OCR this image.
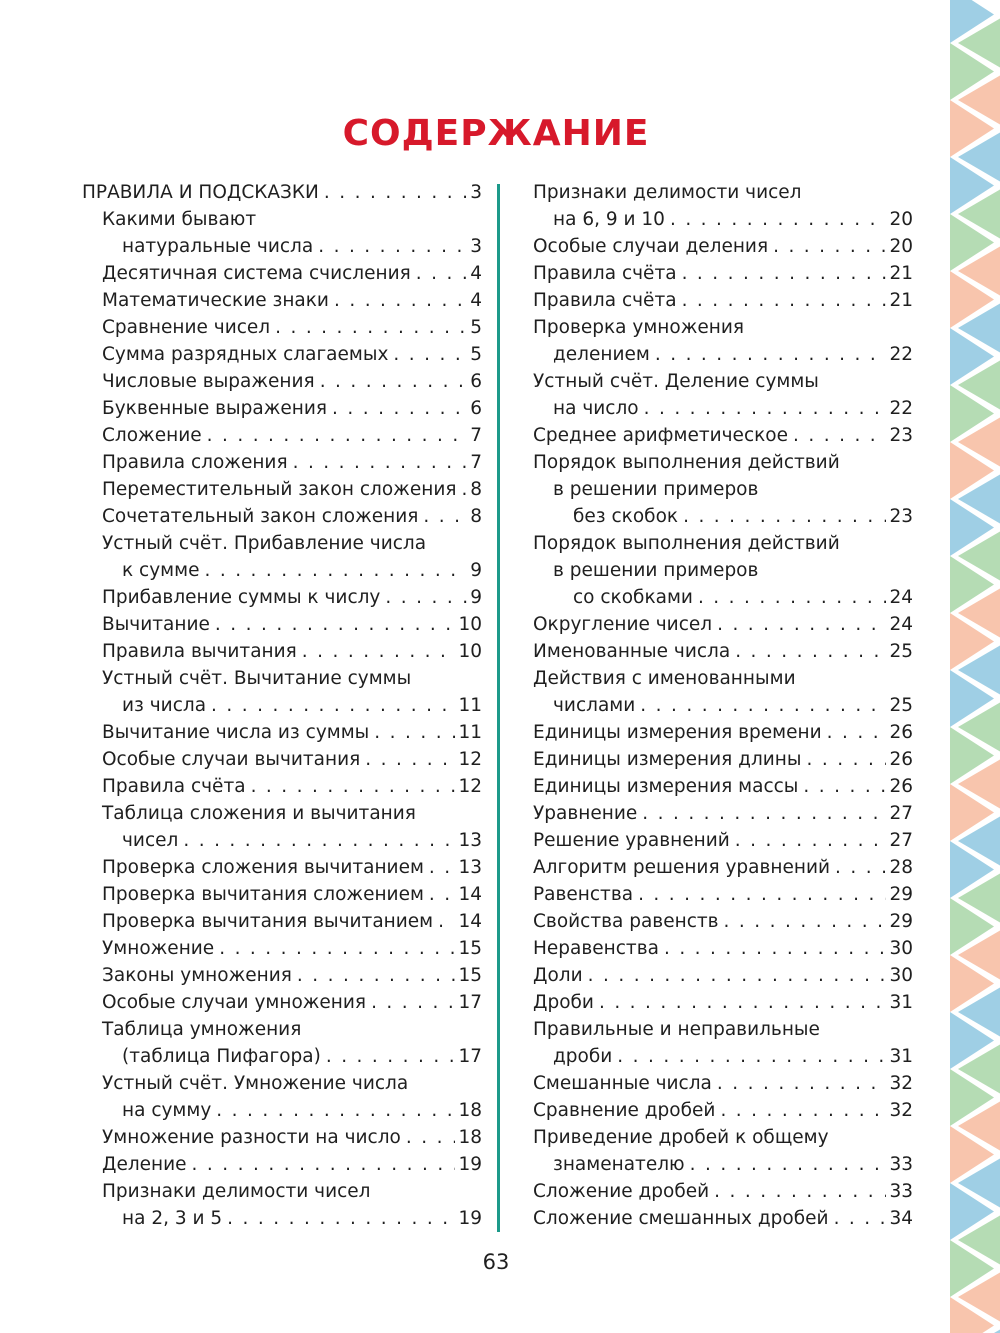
СОДЕРЖАНИЕ
ПРАВИЛА И ПОДСКАЗКИ . . .	3
Какими бывают
натуральные числа . . .	3
Десятичная система счисления . . .	4
Математические знаки . . .	4
Сравнение чисел . . .	5
Сумма разрядных слагаемых . . .	5
Числовые выражения . . .	6
Буквенные выражения . . .	6
Сложение . . .	7
Правила сложения . . .	7
Переместительный закон сложения . . . 8
Сочетательный закон сложения . . .	8
Устный счёт. Прибавление числа
к сумме . . .	9
Прибавление суммы к числу . . .	9
Вычитание . . .	10
Правила вычитания . . .	10
Устный счёт. Вычитание суммы
из числа . . .	11
Вычитание числа из суммы . . .	11
Особые случаи вычитания . . .	12
Правила счёта . . .	12
Таблица сложения и вычитания
чисел . . .	13
Проверка сложения вычитанием . . . 13
Проверка вычитания сложением . . . 14
Проверка вычитания вычитанием . . . 14
Умножение . . .	15
Законы умножения . . .	15
Особые случаи умножения . . .	17
Таблица умножения
(таблица Пифагора) . . .	17
Устный счёт. Умножение числа
на сумму . . .	18
Умножение разности на число . . .	18
Деление . . .	19
Признаки делимости чисел
на 2, 3 и 5 . . .	19
Признаки делимости чисел
на 6, 9 и 10 . . .	20
Особые случаи деления . . .	20
Правила счёта . . .	21
Правила счёта . . .	21
Проверка умножения
делением . . .	22
Устный счёт. Деление суммы
на число . . .	22
Среднее арифметическое . . .	23
Порядок выполнения действий
в решении примеров
без скобок . . .	23
Порядок выполнения действий
в решении примеров
со скобками . . .	24
Округление чисел . . .	24
Именованные числа . . .	25
Действия с именованными
числами . . .	25
Единицы измерения времени . . .	26
Единицы измерения длины . . .	26
Единицы измерения массы . . .	26
Уравнение . . .	27
Решение уравнений . . .	27
Алгоритм решения уравнений . . .	28
Равенства . . .	29
Свойства равенств . . .	29
Неравенства . . .	30
Доли . . .	30
Дроби . . .	31
Правильные и неправильные
дроби . . .	31
Смешанные числа . . .	32
Сравнение дробей . . .	32
Приведение дробей к общему
знаменателю . . .	33
Сложение дробей . . .	33
Сложение смешанных дробей . . .	34
63
